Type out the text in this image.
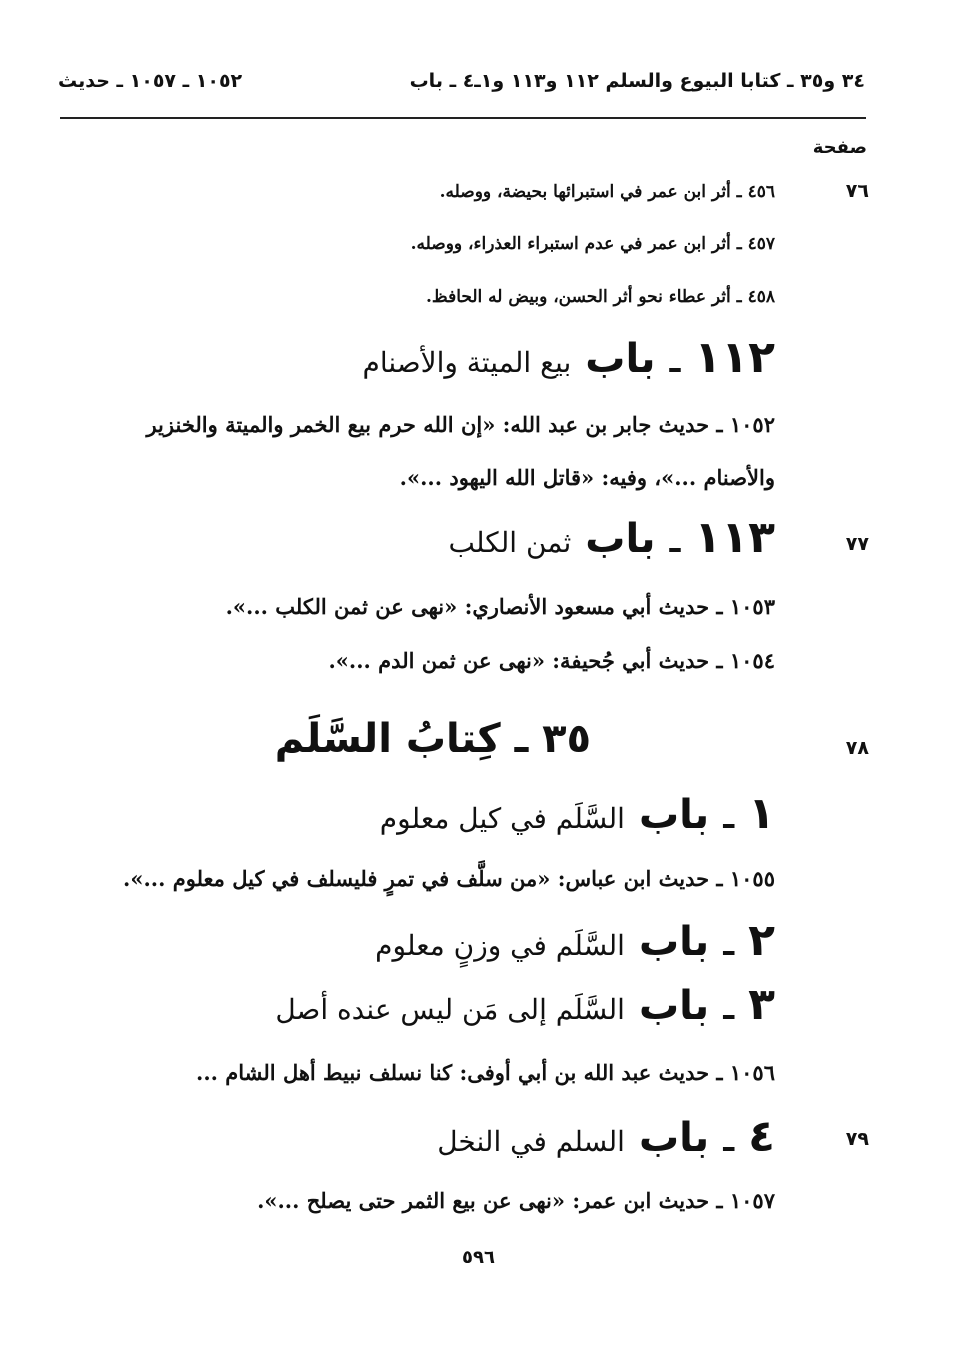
٣٤ و٣٥ ـ كتابا البيوع والسلم ١١٢ و١١٣ و١ـ٤ ـ باب
١٠٥٢ ـ ١٠٥٧ ـ حديث
صفحة
٧٦
٤٥٦ ـ أثر ابن عمر في استبرائها بحيضة، ووصله.
٤٥٧ ـ أثر ابن عمر في عدم استبراء العذراء، ووصله.
٤٥٨ ـ أثر عطاء نحو أثر الحسن، وبيض له الحافظ.
١١٢
ـ
باب
بيع الميتة والأصنام
١٠٥٢ ـ حديث جابر بن عبد الله: «إن الله حرم بيع الخمر والميتة والخنزير
والأصنام ...»، وفيه: «قاتل الله اليهود ...».
٧٧
١١٣
ـ
باب
ثمن الكلب
١٠٥٣ ـ حديث أبي مسعود الأنصاري: «نهى عن ثمن الكلب ...».
١٠٥٤ ـ حديث أبي جُحيفة: «نهى عن ثمن الدم ...».
٧٨
٣٥ ـ كِتابُ السَّلَم
١
ـ
باب
السَّلَم في كيل معلوم
١٠٥٥ ـ حديث ابن عباس: «من سلَّف في تمرٍ فليسلف في كيل معلوم ...».
٢
ـ
باب
السَّلَم في وزنٍ معلوم
٣
ـ
باب
السَّلَم إلى مَن ليس عنده أصل
١٠٥٦ ـ حديث عبد الله بن أبي أوفى: كنا نسلف نبيط أهل الشام ...
٧٩
٤
ـ
باب
السلم في النخل
١٠٥٧ ـ حديث ابن عمر: «نهى عن بيع الثمر حتى يصلح ...».
٥٩٦
